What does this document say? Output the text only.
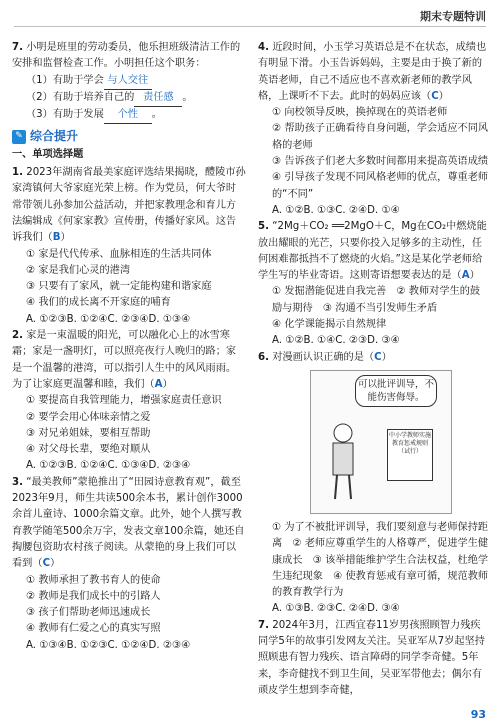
期末专题特训

7. 小明是班里的劳动委员，他乐担班级清洁工作的安排和监督检查工作。小明担任这个职务：

（1）有助于学会 与人交往

（2）有助于培养自己的 责任感 。

（3）有助于发展 个性 。

✎ 综合提升
一、单项选择题

1. 2023年湖南省最美家庭评选结果揭晓，醴陵市孙家湾镇何大爷家庭光荣上榜。作为党员，何大爷时常带领儿孙参加公益活动，并把家教理念和育儿方法编辑成《何家家教》宣传册，传播好家风。这告诉我们（B）

① 家是代代传承、血脉相连的生活共同体

② 家是我们心灵的港湾

③ 只要有了家风，就一定能构建和谐家庭

④ 我们的成长离不开家庭的哺育

A. ①②③B. ①②④C. ②③④D. ①③④

2. 家是一束温暖的阳光，可以融化心上的冰雪寒霜；家是一盏明灯，可以照亮夜行人晚归的路；家是一个温馨的港湾，可以指引人生中的风风雨雨。为了让家庭更温馨和睦，我们（A）

① 要提高自我管理能力，增强家庭责任意识

② 要学会用心体味亲情之爱

③ 对兄弟姐妹，要相互帮助

④ 对父母长辈，要绝对顺从

A. ①②③B. ①②④C. ①③④D. ②③④

3. “最美教师”蒙艳推出了“田园诗意教育观”，截至2023年9月，师生共读500余本书，累计创作3000余首儿童诗、1000余篇文章。此外，她个人撰写教育教学随笔500余万字，发表文章100余篇，她还自掏腰包资助农村孩子阅读。从蒙艳的身上我们可以看到（C）

① 教师承担了教书育人的使命

② 教师是我们成长中的引路人

③ 孩子们帮助老师迅速成长

④ 教师有仁爱之心的真实写照

A. ①③④B. ①②③C. ①②④D. ②③④

4. 近段时间，小玉学习英语总是不在状态，成绩也有明显下滑。小玉告诉妈妈，主要是由于换了新的英语老师，自己不适应也不喜欢新老师的教学风格，上课听不下去。此时的妈妈应该（C）

① 向校领导反映，换掉现在的英语老师

② 帮助孩子正确看待自身问题，学会适应不同风格的老师

③ 告诉孩子们老大多数时间都用来提高英语成绩

④ 引导孩子发现不同风格老师的优点，尊重老师的“不同”

A. ①②B. ①③C. ②④D. ①④

5. “2Mg＋CO₂ ══2MgO＋C，Mg在CO₂中燃烧能放出耀眼的光芒，只要你投入足够多的主动性，任何困难都抵挡不了燃烧的火焰。”这是某化学老师给学生写的毕业寄语。这则寄语想要表达的是（A）

① 发掘潜能促进自我完善　② 教师对学生的鼓励与期待　③ 沟通不当引发师生矛盾

④ 化学课能揭示自然规律

A. ①②B. ①④C. ②③D. ③④

6. 对漫画认识正确的是（C）

可以批评训导，不能伤害侮辱。
中小学教师实施教育惩戒规则（试行）

① 为了不被批评训导，我们要刻意与老师保持距离　② 老师应尊重学生的人格尊严，促进学生健康成长　③ 该举措能维护学生合法权益，杜绝学生违纪现象　④ 使教育惩戒有章可循，规范教师的教育教学行为

A. ①③B. ②③C. ②④D. ③④

7. 2024年3月，江西宜春11岁男孩照顾智力残疾同学5年的故事引发网友关注。吴亚军从7岁起坚持照顾患有智力残疾、语言障碍的同学李奇健。5年来，李奇健找不到卫生间，吴亚军带他去；偶尔有顽皮学生想到李奇健，

93
